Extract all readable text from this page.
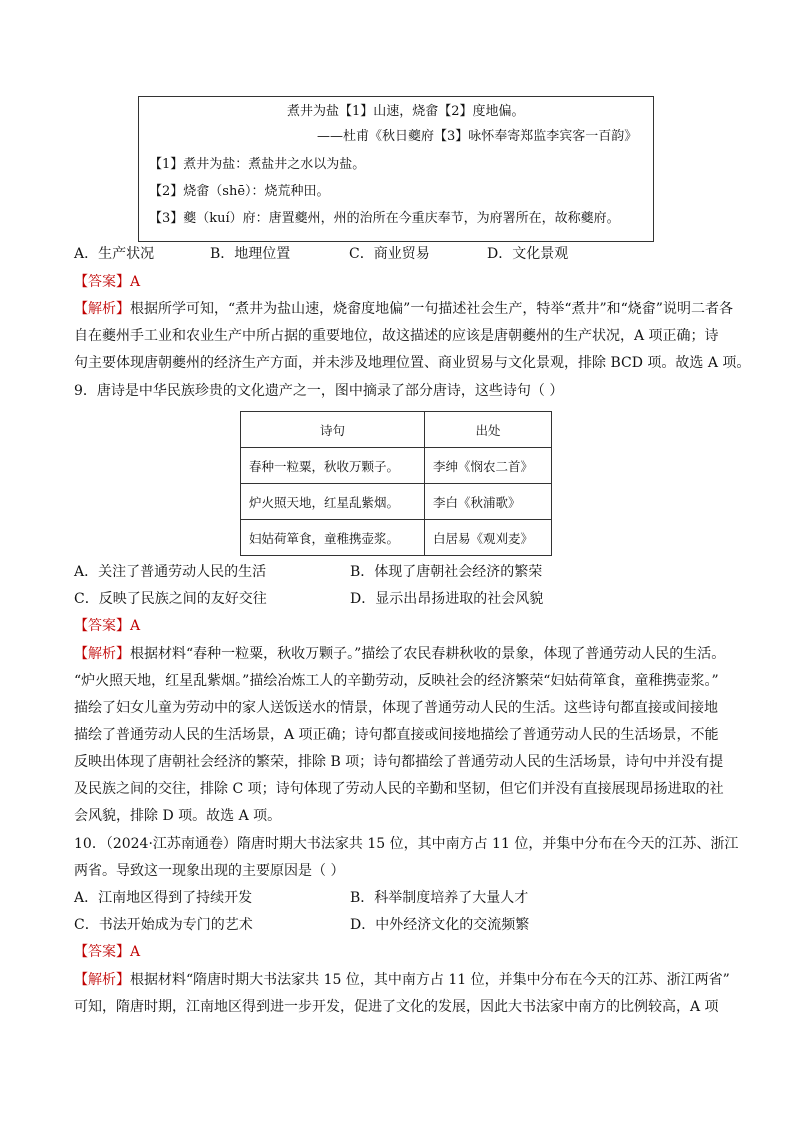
煮井为盐【1】山速，烧畲【2】度地偏。
——杜甫《秋日夔府【3】咏怀奉寄郑监李宾客一百韵》
【1】煮井为盐：煮盐井之水以为盐。
【2】烧畲（shē）：烧荒种田。
【3】夔（kuí）府：唐置夔州，州的治所在今重庆奉节，为府署所在，故称夔府。
A．生产状况	B．地理位置	C．商业贸易	D．文化景观
【答案】A
【解析】根据所学可知，“煮井为盐山速，烧畲度地偏”一句描述社会生产，特举“煮井”和“烧畲”说明二者各
自在夔州手工业和农业生产中所占据的重要地位，故这描述的应该是唐朝夔州的生产状况，A 项正确；诗
句主要体现唐朝夔州的经济生产方面，并未涉及地理位置、商业贸易与文化景观，排除 BCD 项。故选 A 项。
9．唐诗是中华民族珍贵的文化遗产之一，图中摘录了部分唐诗，这些诗句（ ）
诗句	出处
春种一粒粟，秋收万颗子。	李绅《悯农二首》
炉火照天地，红星乱紫烟。	李白《秋浦歌》
妇姑荷箪食，童稚携壶浆。	白居易《观刈麦》
A．关注了普通劳动人民的生活	B．体现了唐朝社会经济的繁荣
C．反映了民族之间的友好交往	D．显示出昂扬进取的社会风貌
【答案】A
【解析】根据材料“春种一粒粟，秋收万颗子。”描绘了农民春耕秋收的景象，体现了普通劳动人民的生活。
“炉火照天地，红星乱紫烟。”描绘冶炼工人的辛勤劳动，反映社会的经济繁荣“妇姑荷箪食，童稚携壶浆。”
描绘了妇女儿童为劳动中的家人送饭送水的情景，体现了普通劳动人民的生活。这些诗句都直接或间接地
描绘了普通劳动人民的生活场景，A 项正确；诗句都直接或间接地描绘了普通劳动人民的生活场景，不能
反映出体现了唐朝社会经济的繁荣，排除 B 项；诗句都描绘了普通劳动人民的生活场景，诗句中并没有提
及民族之间的交往，排除 C 项；诗句体现了劳动人民的辛勤和坚韧，但它们并没有直接展现昂扬进取的社
会风貌，排除 D 项。故选 A 项。
10．（2024·江苏南通卷）隋唐时期大书法家共 15 位，其中南方占 11 位，并集中分布在今天的江苏、浙江
两省。导致这一现象出现的主要原因是（ ）
A．江南地区得到了持续开发	B．科举制度培养了大量人才
C．书法开始成为专门的艺术	D．中外经济文化的交流频繁
【答案】A
【解析】根据材料“隋唐时期大书法家共 15 位，其中南方占 11 位，并集中分布在今天的江苏、浙江两省”
可知，隋唐时期，江南地区得到进一步开发，促进了文化的发展，因此大书法家中南方的比例较高，A 项
